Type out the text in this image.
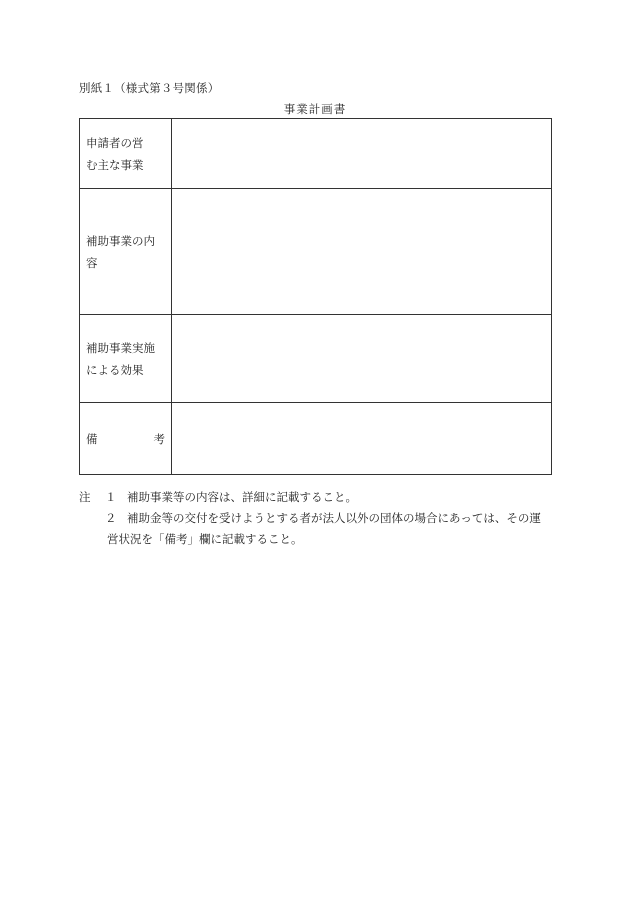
別紙１（様式第３号関係）
事業計画書
申請者の営
む主な事業	

補助事業の内
容	

補助事業実施
による効果	

備 考	

注	１ 補助事業等の内容は、詳細に記載すること。
２ 補助金等の交付を受けようとする者が法人以外の団体の場合にあっては、その運
営状況を「備考」欄に記載すること。
